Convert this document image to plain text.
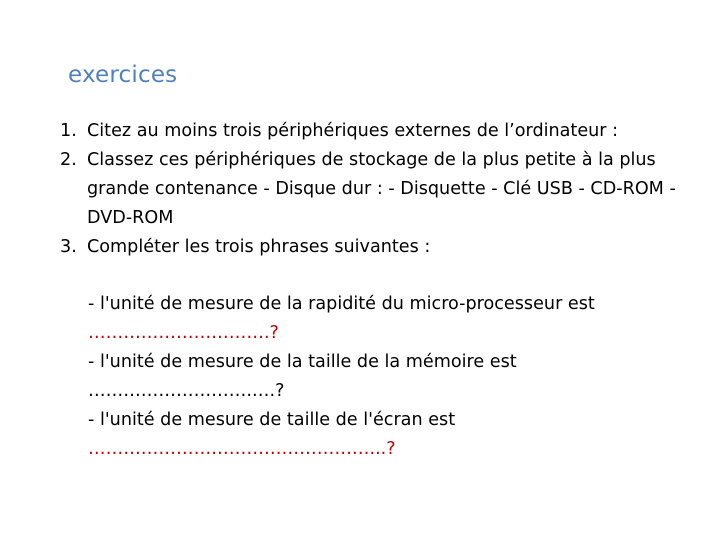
exercices
1. Citez au moins trois périphériques externes de l’ordinateur :
2. Classez ces périphériques de stockage de la plus petite à la plus grande contenance - Disque dur : - Disquette - Clé USB - CD-ROM - DVD-ROM
3. Compléter les trois phrases suivantes :
- l'unité de mesure de la rapidité du micro-processeur est
………………………….?
- l'unité de mesure de la taille de la mémoire est
……………………….….?
- l'unité de mesure de taille de l'écran est
…………………………………………...?
